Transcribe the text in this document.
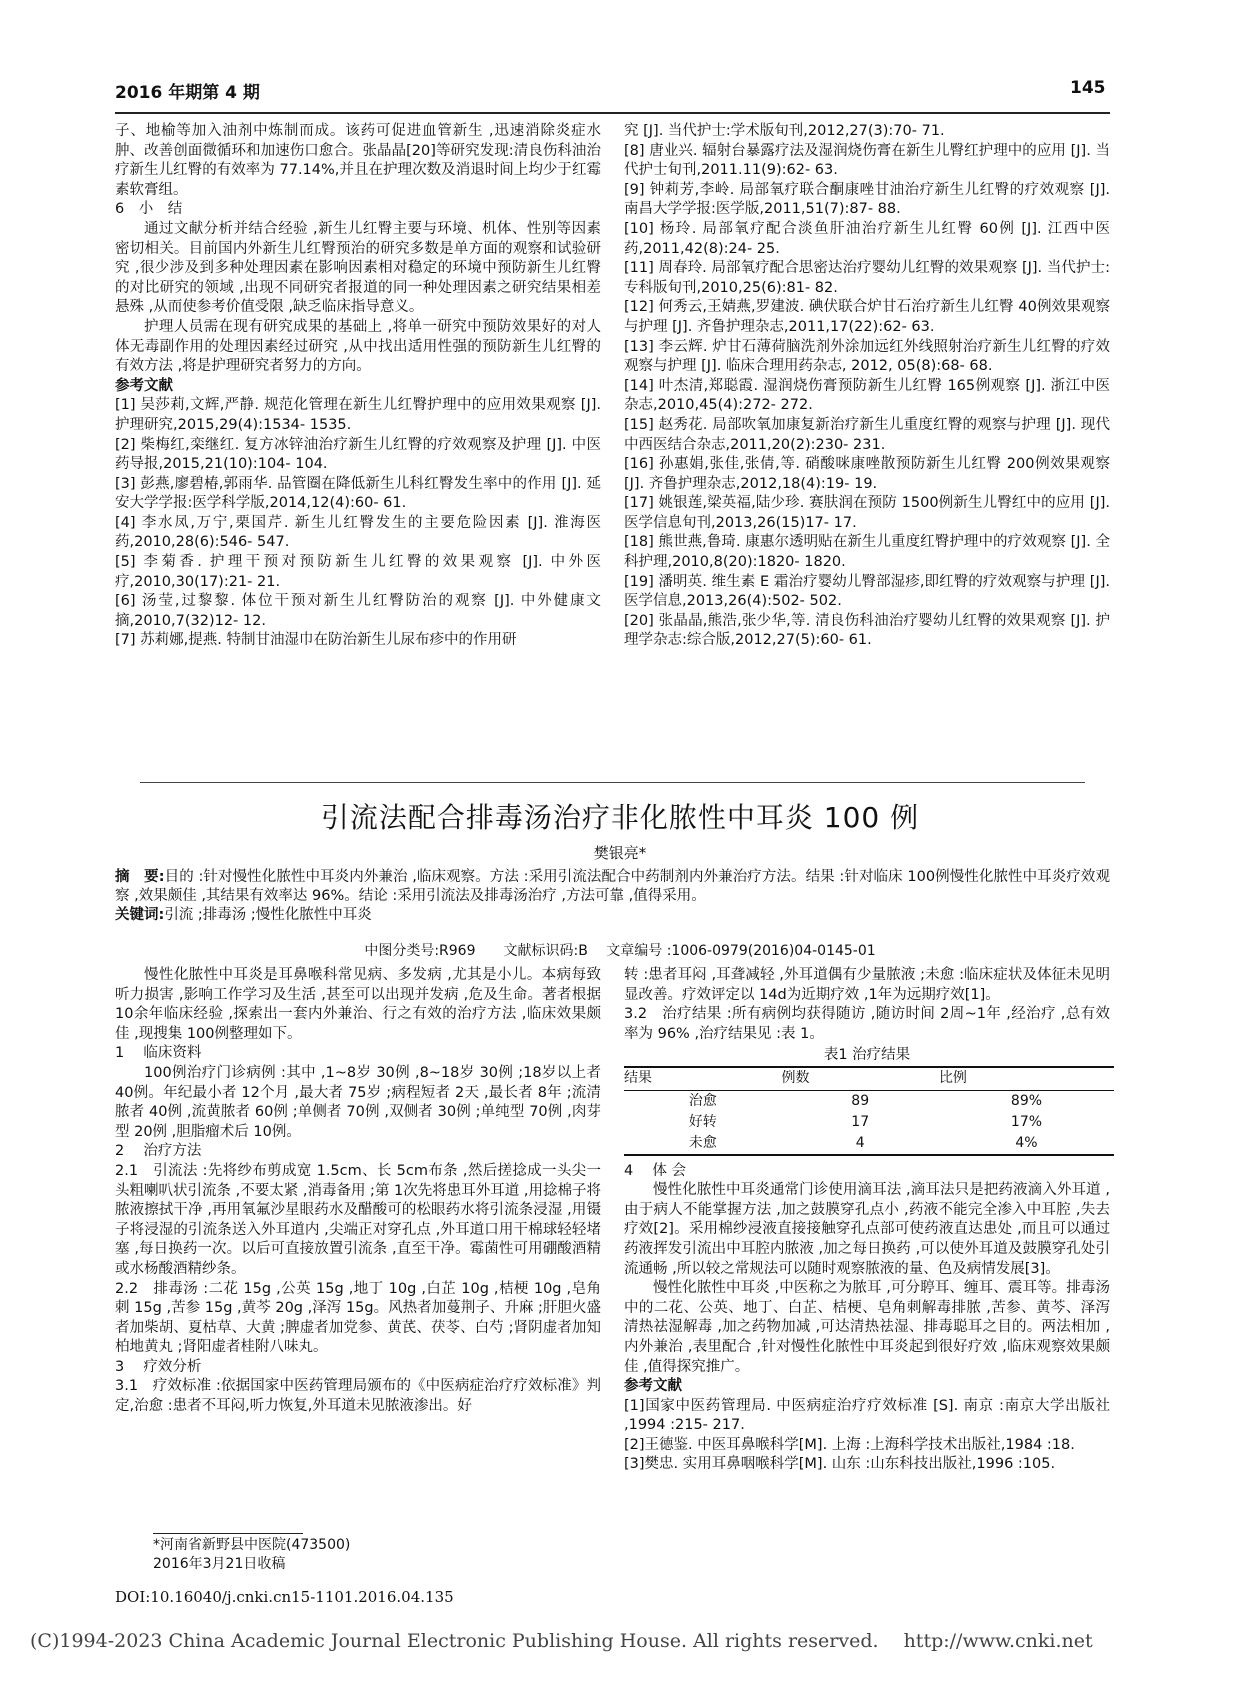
2016 年期第 4 期	145

子、地榆等加入油剂中炼制而成。该药可促进血管新生 ,迅速消除炎症水肿、改善创面微循环和加速伤口愈合。张晶晶[20]等研究发现:清良伤科油治疗新生儿红臀的有效率为 77.14%,并且在护理次数及消退时间上均少于红霉素软膏组。

6　小　结

通过文献分析并结合经验 ,新生儿红臀主要与环境、机体、性别等因素密切相关。目前国内外新生儿红臀预治的研究多数是单方面的观察和试验研究 ,很少涉及到多种处理因素在影响因素相对稳定的环境中预防新生儿红臀的对比研究的领域 ,出现不同研究者报道的同一种处理因素之研究结果相差悬殊 ,从而使参考价值受限 ,缺乏临床指导意义。

护理人员需在现有研究成果的基础上 ,将单一研究中预防效果好的对人体无毒副作用的处理因素经过研究 ,从中找出适用性强的预防新生儿红臀的有效方法 ,将是护理研究者努力的方向。

参考文献

[1] 吴莎莉,文辉,严静. 规范化管理在新生儿红臀护理中的应用效果观察 [J]. 护理研究,2015,29(4):1534- 1535.

[2] 柴梅红,栾继红. 复方冰锌油治疗新生儿红臀的疗效观察及护理 [J]. 中医药导报,2015,21(10):104- 104.

[3] 彭燕,廖碧椿,郭雨华. 品管圈在降低新生儿科红臀发生率中的作用 [J]. 延安大学学报:医学科学版,2014,12(4):60- 61.

[4] 李水凤,万宁,栗国芹. 新生儿红臀发生的主要危险因素 [J]. 淮海医药,2010,28(6):546- 547.

[5] 李菊香. 护理干预对预防新生儿红臀的效果观察 [J]. 中外医疗,2010,30(17):21- 21.

[6] 汤莹,过黎黎. 体位干预对新生儿红臀防治的观察 [J]. 中外健康文摘,2010,7(32)12- 12.

[7] 苏莉娜,提燕. 特制甘油湿巾在防治新生儿尿布疹中的作用研

究 [J]. 当代护士:学术版旬刊,2012,27(3):70- 71.

[8] 唐业兴. 辐射台暴露疗法及湿润烧伤膏在新生儿臀红护理中的应用 [J]. 当代护士旬刊,2011.11(9):62- 63.

[9] 钟莉芳,李岭. 局部氧疗联合酮康唑甘油治疗新生儿红臀的疗效观察 [J]. 南昌大学学报:医学版,2011,51(7):87- 88.

[10] 杨玲. 局部氧疗配合淡鱼肝油治疗新生儿红臀 60例 [J]. 江西中医药,2011,42(8):24- 25.

[11] 周春玲. 局部氧疗配合思密达治疗婴幼儿红臀的效果观察 [J]. 当代护士:专科版旬刊,2010,25(6):81- 82.

[12] 何秀云,王婧燕,罗建波. 碘伏联合炉甘石治疗新生儿红臀 40例效果观察与护理 [J]. 齐鲁护理杂志,2011,17(22):62- 63.

[13] 李云辉. 炉甘石薄荷脑洗剂外涂加远红外线照射治疗新生儿红臀的疗效观察与护理 [J]. 临床合理用药杂志, 2012, 05(8):68- 68.

[14] 叶杰清,郑聪霞. 湿润烧伤膏预防新生儿红臀 165例观察 [J]. 浙江中医杂志,2010,45(4):272- 272.

[15] 赵秀花. 局部吹氧加康复新治疗新生儿重度红臀的观察与护理 [J]. 现代中西医结合杂志,2011,20(2):230- 231.

[16] 孙惠娟,张佳,张倩,等. 硝酸咪康唑散预防新生儿红臀 200例效果观察 [J]. 齐鲁护理杂志,2012,18(4):19- 19.

[17] 姚银莲,梁英福,陆少珍. 赛肤润在预防 1500例新生儿臀红中的应用 [J]. 医学信息旬刊,2013,26(15)17- 17.

[18] 熊世燕,鲁琦. 康惠尔透明贴在新生儿重度红臀护理中的疗效观察 [J]. 全科护理,2010,8(20):1820- 1820.

[19] 潘明英. 维生素 E 霜治疗婴幼儿臀部湿疹,即红臀的疗效观察与护理 [J]. 医学信息,2013,26(4):502- 502.

[20] 张晶晶,熊浩,张少华,等. 清良伤科油治疗婴幼儿红臀的效果观察 [J]. 护理学杂志:综合版,2012,27(5):60- 61.

引流法配合排毒汤治疗非化脓性中耳炎 100 例
樊银亮*
摘　要:目的 :针对慢性化脓性中耳炎内外兼治 ,临床观察。方法 :采用引流法配合中药制剂内外兼治疗方法。结果 :针对临床 100例慢性化脓性中耳炎疗效观察 ,效果颇佳 ,其结果有效率达 96%。结论 :采用引流法及排毒汤治疗 ,方法可靠 ,值得采用。
关键词:引流 ;排毒汤 ;慢性化脓性中耳炎
中图分类号:R969　　文献标识码:B　 文章编号 :1006-0979(2016)04-0145-01

慢性化脓性中耳炎是耳鼻喉科常见病、多发病 ,尤其是小儿。本病每致听力损害 ,影响工作学习及生活 ,甚至可以出现并发病 ,危及生命。著者根据 10余年临床经验 ,探索出一套内外兼治、行之有效的治疗方法 ,临床效果颇佳 ,现搜集 100例整理如下。

1　 临床资料

100例治疗门诊病例 :其中 ,1~8岁 30例 ,8~18岁 30例 ;18岁以上者 40例。年纪最小者 12个月 ,最大者 75岁 ;病程短者 2天 ,最长者 8年 ;流清脓者 40例 ,流黄脓者 60例 ;单侧者 70例 ,双侧者 30例 ;单纯型 70例 ,肉芽型 20例 ,胆脂瘤术后 10例。

2　 治疗方法

2.1　引流法 :先将纱布剪成宽 1.5cm、长 5cm布条 ,然后搓捻成一头尖一头粗喇叭状引流条 ,不要太紧 ,消毒备用 ;第 1次先将患耳外耳道 ,用捻棉子将脓液擦拭干净 ,再用氧氟沙星眼药水及醋酸可的松眼药水将引流条浸湿 ,用镊子将浸湿的引流条送入外耳道内 ,尖端正对穿孔点 ,外耳道口用干棉球轻轻堵塞 ,每日换药一次。以后可直接放置引流条 ,直至干净。霉菌性可用硼酸酒精或水杨酸酒精纱条。

2.2　排毒汤 :二花 15g ,公英 15g ,地丁 10g ,白芷 10g ,桔梗 10g ,皂角刺 15g ,苦参 15g ,黄芩 20g ,泽泻 15g。风热者加蔓荆子、升麻 ;肝胆火盛者加柴胡、夏枯草、大黄 ;脾虚者加党参、黄芪、茯苓、白芍 ;肾阴虚者加知柏地黄丸 ;肾阳虚者桂附八味丸。

3　 疗效分析

3.1　疗效标准 :依据国家中医药管理局颁布的《中医病症治疗疗效标准》判定,治愈 :患者不耳闷,听力恢复,外耳道未见脓液渗出。好

*河南省新野县中医院(473500)
2016年3月21日收稿
DOI:10.16040/j.cnki.cn15-1101.2016.04.135

转 :患者耳闷 ,耳聋减轻 ,外耳道偶有少量脓液 ;未愈 :临床症状及体征未见明显改善。疗效评定以 14d为近期疗效 ,1年为远期疗效[1]。

3.2　治疗结果 :所有病例均获得随访 ,随访时间 2周~1年 ,经治疗 ,总有效率为 96% ,治疗结果见 :表 1。

表1 治疗结果
结果	例数	比例
治愈	89	89%
好转	17	17%
未愈	4	4%

4　 体 会

慢性化脓性中耳炎通常门诊使用滴耳法 ,滴耳法只是把药液滴入外耳道 ,由于病人不能掌握方法 ,加之鼓膜穿孔点小 ,药液不能完全渗入中耳腔 ,失去疗效[2]。采用棉纱浸液直接接触穿孔点部可使药液直达患处 ,而且可以通过药液挥发引流出中耳腔内脓液 ,加之每日换药 ,可以使外耳道及鼓膜穿孔处引流通畅 ,所以较之常规法可以随时观察脓液的量、色及病情发展[3]。

慢性化脓性中耳炎 ,中医称之为脓耳 ,可分聤耳、缠耳、震耳等。排毒汤中的二花、公英、地丁、白芷、桔梗、皂角刺解毒排脓 ,苦参、黄芩、泽泻清热祛湿解毒 ,加之药物加减 ,可达清热祛湿、排毒聪耳之目的。两法相加 ,内外兼治 ,表里配合 ,针对慢性化脓性中耳炎起到很好疗效 ,临床观察效果颇佳 ,值得探究推广。

参考文献

[1]国家中医药管理局. 中医病症治疗疗效标准 [S]. 南京 :南京大学出版社 ,1994 :215- 217.

[2]王德鉴. 中医耳鼻喉科学[M]. 上海 :上海科学技术出版社,1984 :18.

[3]樊忠. 实用耳鼻咽喉科学[M]. 山东 :山东科技出版社,1996 :105.

(C)1994-2023 China Academic Journal Electronic Publishing House. All rights reserved.　 http://www.cnki.net
